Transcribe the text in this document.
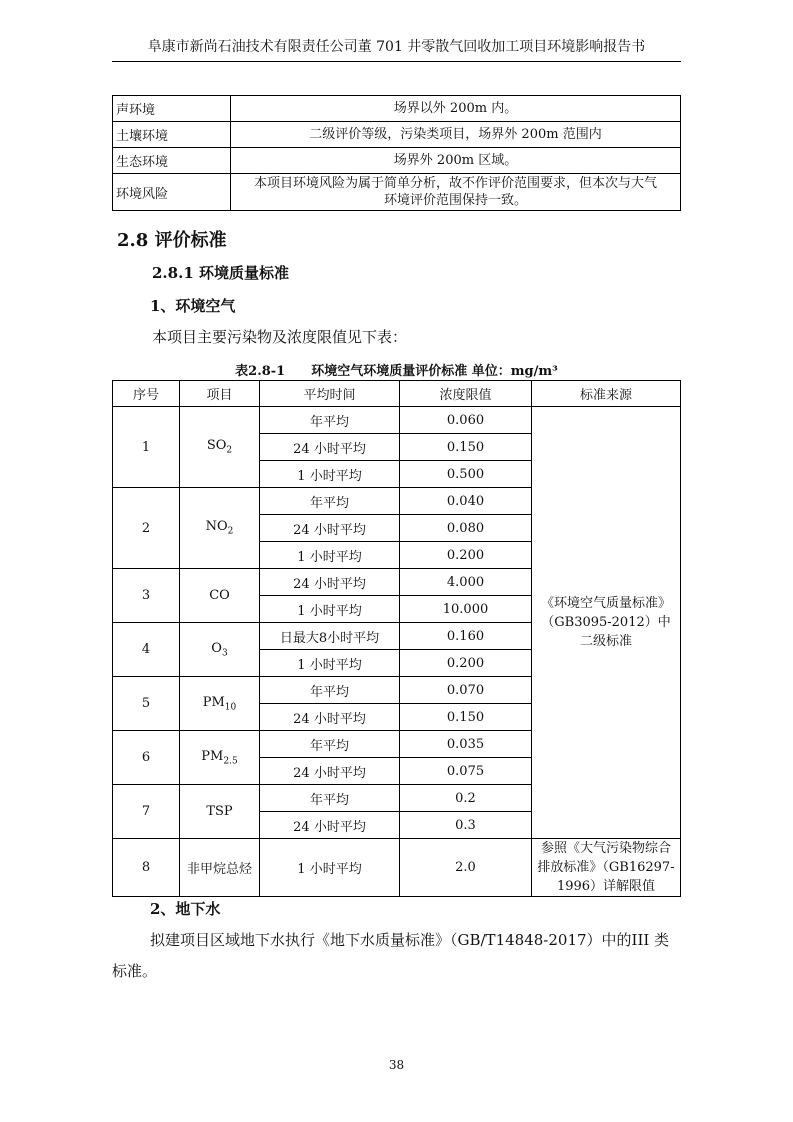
阜康市新尚石油技术有限责任公司董 701 井零散气回收加工项目环境影响报告书
声环境	场界以外 200m 内。
土壤环境	二级评价等级，污染类项目，场界外 200m 范围内
生态环境	场界外 200m 区域。
环境风险	本项目环境风险为属于简单分析，故不作评价范围要求，但本次与大气环境评价范围保持一致。
2.8 评价标准
2.8.1 环境质量标准
1、环境空气
本项目主要污染物及浓度限值见下表：
表2.8-1　　环境空气环境质量评价标准 单位：mg/m³
序号	项目	平均时间	浓度限值	标准来源
1	$SO_2$	年平均	0.060	《环境空气质量标准》（GB3095-2012）中二级标准
		24 小时平均	0.150	
		1 小时平均	0.500	
2	$NO_2$	年平均	0.040	
		24 小时平均	0.080	
		1 小时平均	0.200	
3	CO	24 小时平均	4.000	
		1 小时平均	10.000	
4	$O_3$	日最大8小时平均	0.160	
		1 小时平均	0.200	
5	$PM_{10}$	年平均	0.070	
		24 小时平均	0.150	
6	$PM_{2.5}$	年平均	0.035	
		24 小时平均	0.075	
7	TSP	年平均	0.2	
		24 小时平均	0.3	
8	非甲烷总烃	1 小时平均	2.0	参照《大气污染物综合排放标准》（GB16297-1996）详解限值
2、地下水
拟建项目区域地下水执行《地下水质量标准》（GB/T14848-2017）中的III 类
标准。
38
